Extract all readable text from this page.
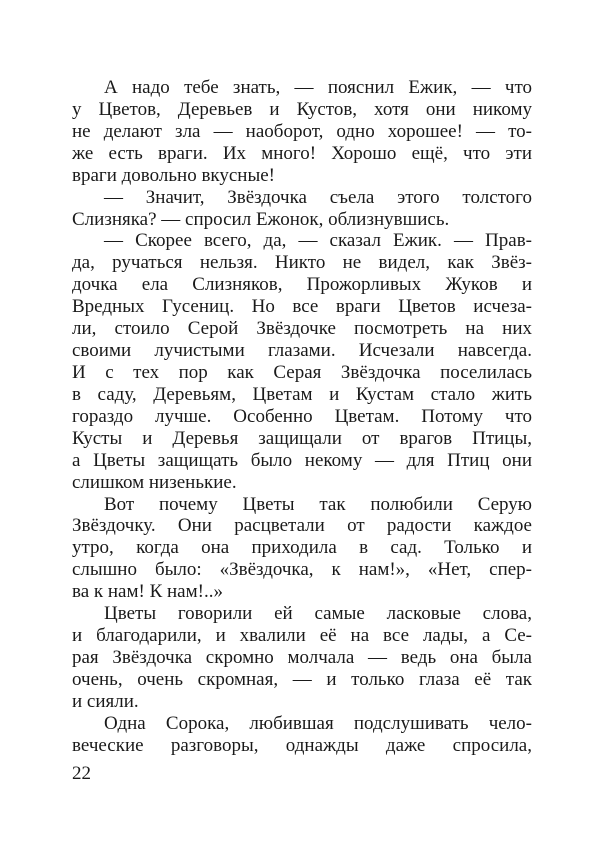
А надо тебе знать, — пояснил Ежик, — что
у Цветов, Деревьев и Кустов, хотя они никому
не делают зла — наоборот, одно хорошее! — то-
же есть враги. Их много! Хорошо ещё, что эти
враги довольно вкусные!
— Значит, Звёздочка съела этого толстого
Слизняка? — спросил Ежонок, облизнувшись.
— Скорее всего, да, — сказал Ежик. — Прав-
да, ручаться нельзя. Никто не видел, как Звёз-
дочка ела Слизняков, Прожорливых Жуков и
Вредных Гусениц. Но все враги Цветов исчеза-
ли, стоило Серой Звёздочке посмотреть на них
своими лучистыми глазами. Исчезали навсегда.
И с тех пор как Серая Звёздочка поселилась
в саду, Деревьям, Цветам и Кустам стало жить
гораздо лучше. Особенно Цветам. Потому что
Кусты и Деревья защищали от врагов Птицы,
а Цветы защищать было некому — для Птиц они
слишком низенькие.
Вот почему Цветы так полюбили Серую
Звёздочку. Они расцветали от радости каждое
утро, когда она приходила в сад. Только и
слышно было: «Звёздочка, к нам!», «Нет, спер-
ва к нам! К нам!..»
Цветы говорили ей самые ласковые слова,
и благодарили, и хвалили её на все лады, а Се-
рая Звёздочка скромно молчала — ведь она была
очень, очень скромная, — и только глаза её так
и сияли.
Одна Сорока, любившая подслушивать чело-
веческие разговоры, однажды даже спросила,
22
